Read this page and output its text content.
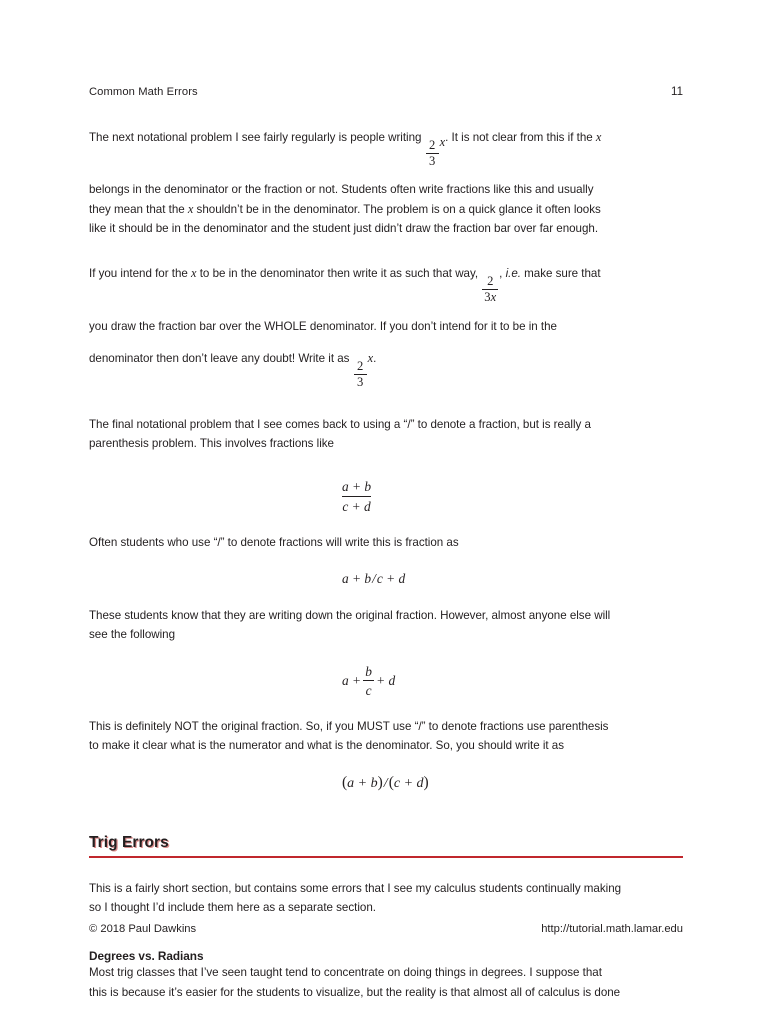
Common Math Errors	11

The next notational problem I see fairly regularly is people writing
$\frac{2}{3} x$. It is not clear from this if the x

belongs in the denominator or the fraction or not. Students often write fractions like this and usually

they mean that the x shouldn’t be in the denominator. The problem is on a quick glance it often looks

like it should be in the denominator and the student just didn’t draw the fraction bar over far enough.

If you intend for the x to be in the denominator then write it as such that way,
$\frac{2}{3x}$
, i.e. make sure that

you draw the fraction bar over the WHOLE denominator. If you don’t intend for it to be in the

denominator then don’t leave any doubt! Write it as
$\frac{2}{3}$
x.

The final notational problem that I see comes back to using a “/” to denote a fraction, but is really a

parenthesis problem. This involves fractions like

$\frac{a + b}{c + d}$

Often students who use “/” to denote fractions will write this is fraction as

a + b/c + d

These students know that they are writing down the original fraction. However, almost anyone else will

see the following

a +
b
c
+ d

This is definitely NOT the original fraction. So, if you MUST use “/” to denote fractions use parenthesis

to make it clear what is the numerator and what is the denominator. So, you should write it as

(a + b)/(c + d)
Trig Errors

This is a fairly short section, but contains some errors that I see my calculus students continually making

so I thought I’d include them here as a separate section.

Degrees vs. Radians

Most trig classes that I’ve seen taught tend to concentrate on doing things in degrees. I suppose that

this is because it’s easier for the students to visualize, but the reality is that almost all of calculus is done

© 2018 Paul Dawkins	http://tutorial.math.lamar.edu
